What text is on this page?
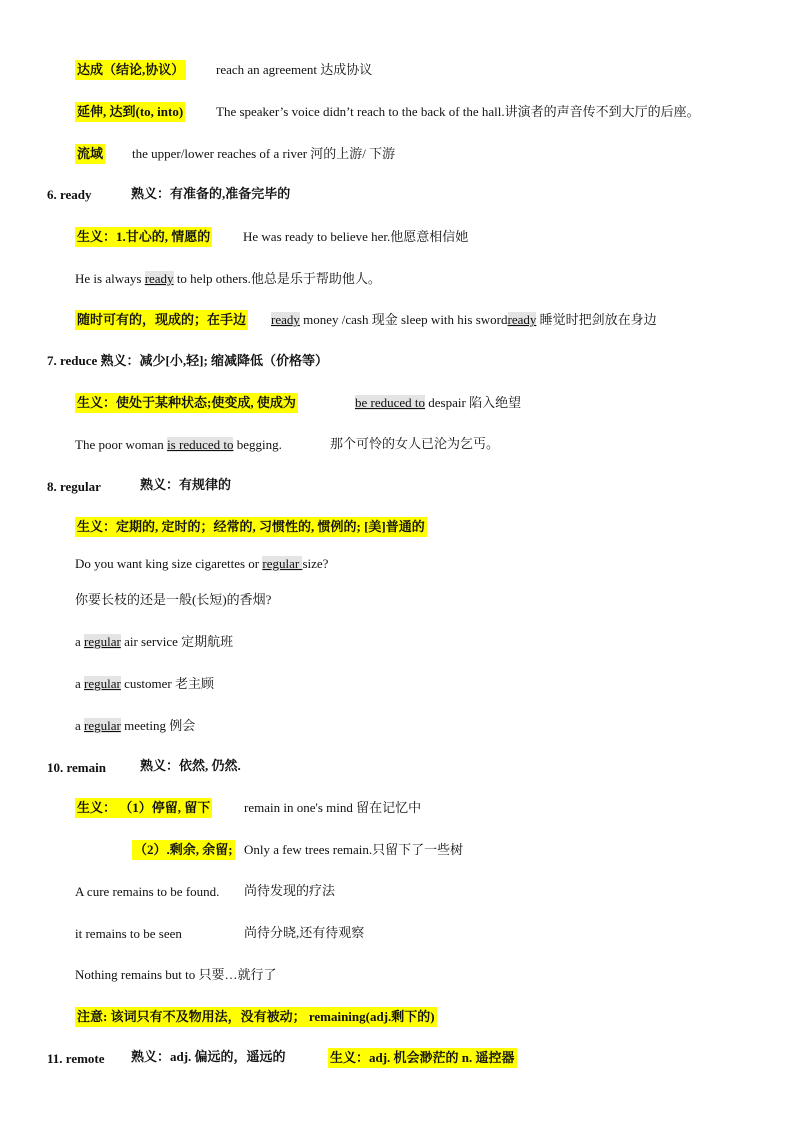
达成（结论,协议） reach an agreement 达成协议
延伸, 达到(to, into)	The speaker’s voice didn’t reach to the back of the hall.讲演者的声音传不到大厅的后座。
流域 the upper/lower reaches of a river 河的上游/ 下游
6. ready	熟义：有准备的,准备完毕的
生义：1.甘心的, 情愿的	He was ready to believe her.他愿意相信她
He is always ready to help others.他总是乐于帮助他人。
随时可有的，现成的；在手边 ready money /cash 现金 sleep with his swordready 睡觉时把剑放在身边
7. reduce 熟义：减少[小,轻]; 缩减降低（价格等）
生义：使处于某种状态;使变成, 使成为	be reduced to despair 陷入绝望
The poor woman is reduced to begging.	那个可怜的女人已沦为乞丐。
8. regular	熟义：有规律的
生义：定期的, 定时的；经常的, 习惯性的, 惯例的; [美]普通的
Do you want king size cigarettes or regular size?
你要长枝的还是一般(长短)的香烟?
a regular air service 定期航班
a regular customer 老主顾
a regular meeting 例会
10. remain	熟义：依然, 仍然.
生义： （1）停留, 留下	remain in one's mind 留在记忆中
（2）.剩余, 余留; Only a few trees remain.只留下了一些树
A cure remains to be found. 尚待发现的疗法
it remains to be seen	尚待分晓,还有待观察
Nothing remains but to 只要…就行了
注意: 该词只有不及物用法，没有被动； remaining(adj.剩下的)
11. remote 熟义：adj. 偏远的，遥远的	生义：adj. 机会渺茫的 n. 遥控器
